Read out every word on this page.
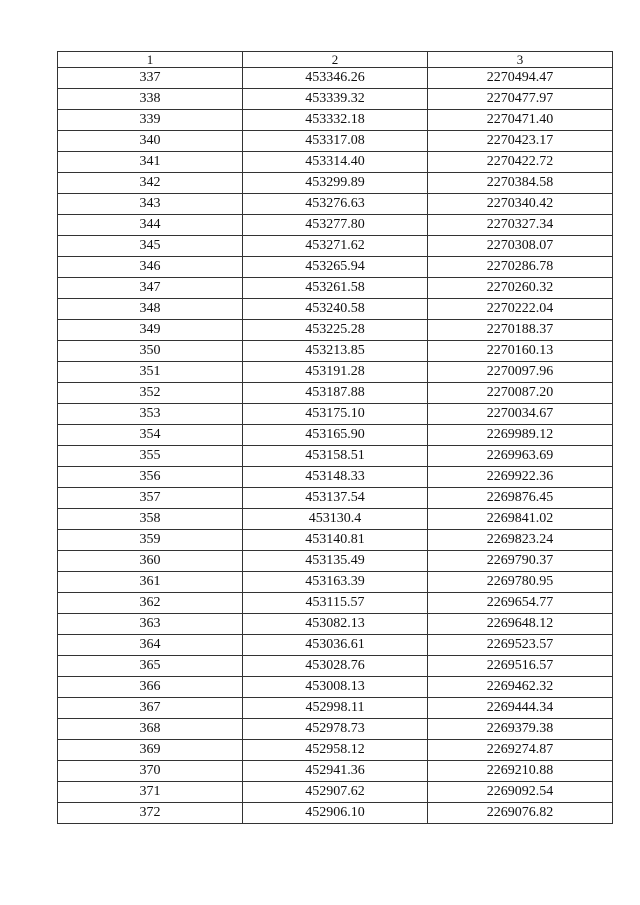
1	2	3
337	453346.26	2270494.47
338	453339.32	2270477.97
339	453332.18	2270471.40
340	453317.08	2270423.17
341	453314.40	2270422.72
342	453299.89	2270384.58
343	453276.63	2270340.42
344	453277.80	2270327.34
345	453271.62	2270308.07
346	453265.94	2270286.78
347	453261.58	2270260.32
348	453240.58	2270222.04
349	453225.28	2270188.37
350	453213.85	2270160.13
351	453191.28	2270097.96
352	453187.88	2270087.20
353	453175.10	2270034.67
354	453165.90	2269989.12
355	453158.51	2269963.69
356	453148.33	2269922.36
357	453137.54	2269876.45
358	453130.4	2269841.02
359	453140.81	2269823.24
360	453135.49	2269790.37
361	453163.39	2269780.95
362	453115.57	2269654.77
363	453082.13	2269648.12
364	453036.61	2269523.57
365	453028.76	2269516.57
366	453008.13	2269462.32
367	452998.11	2269444.34
368	452978.73	2269379.38
369	452958.12	2269274.87
370	452941.36	2269210.88
371	452907.62	2269092.54
372	452906.10	2269076.82
